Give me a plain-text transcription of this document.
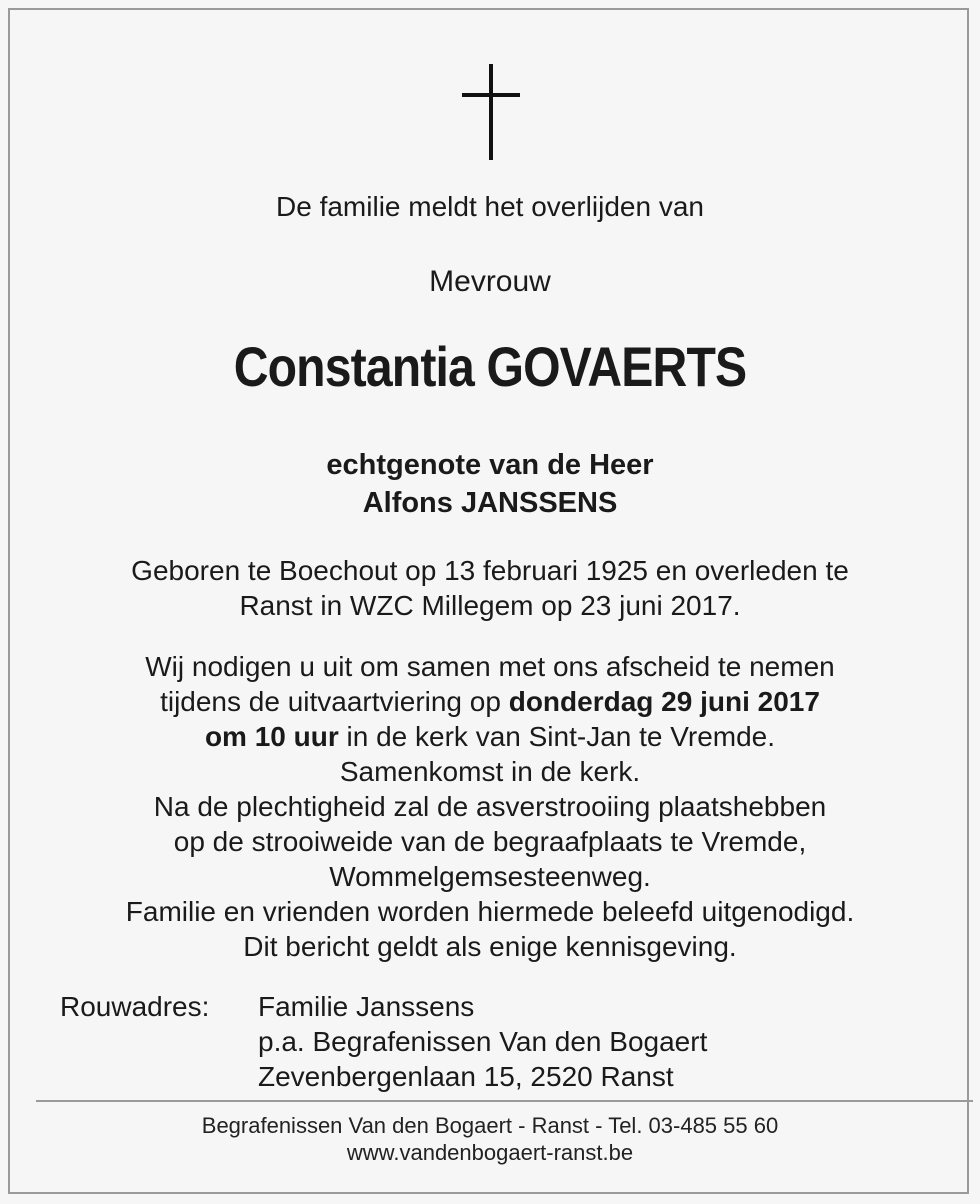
De familie meldt het overlijden van
Mevrouw
Constantia GOVAERTS
echtgenote van de Heer
Alfons JANSSENS
Geboren te Boechout op 13 februari 1925 en overleden te
Ranst in WZC Millegem op 23 juni 2017.
Wij nodigen u uit om samen met ons afscheid te nemen
tijdens de uitvaartviering op donderdag 29 juni 2017
om 10 uur in de kerk van Sint-Jan te Vremde.
Samenkomst in de kerk.
Na de plechtigheid zal de asverstrooiing plaatshebben
op de strooiweide van de begraafplaats te Vremde,
Wommelgemsesteenweg.
Familie en vrienden worden hiermede beleefd uitgenodigd.
Dit bericht geldt als enige kennisgeving.
Rouwadres: Familie Janssens
p.a. Begrafenissen Van den Bogaert
Zevenbergenlaan 15, 2520 Ranst
Begrafenissen Van den Bogaert - Ranst - Tel. 03-485 55 60
www.vandenbogaert-ranst.be
